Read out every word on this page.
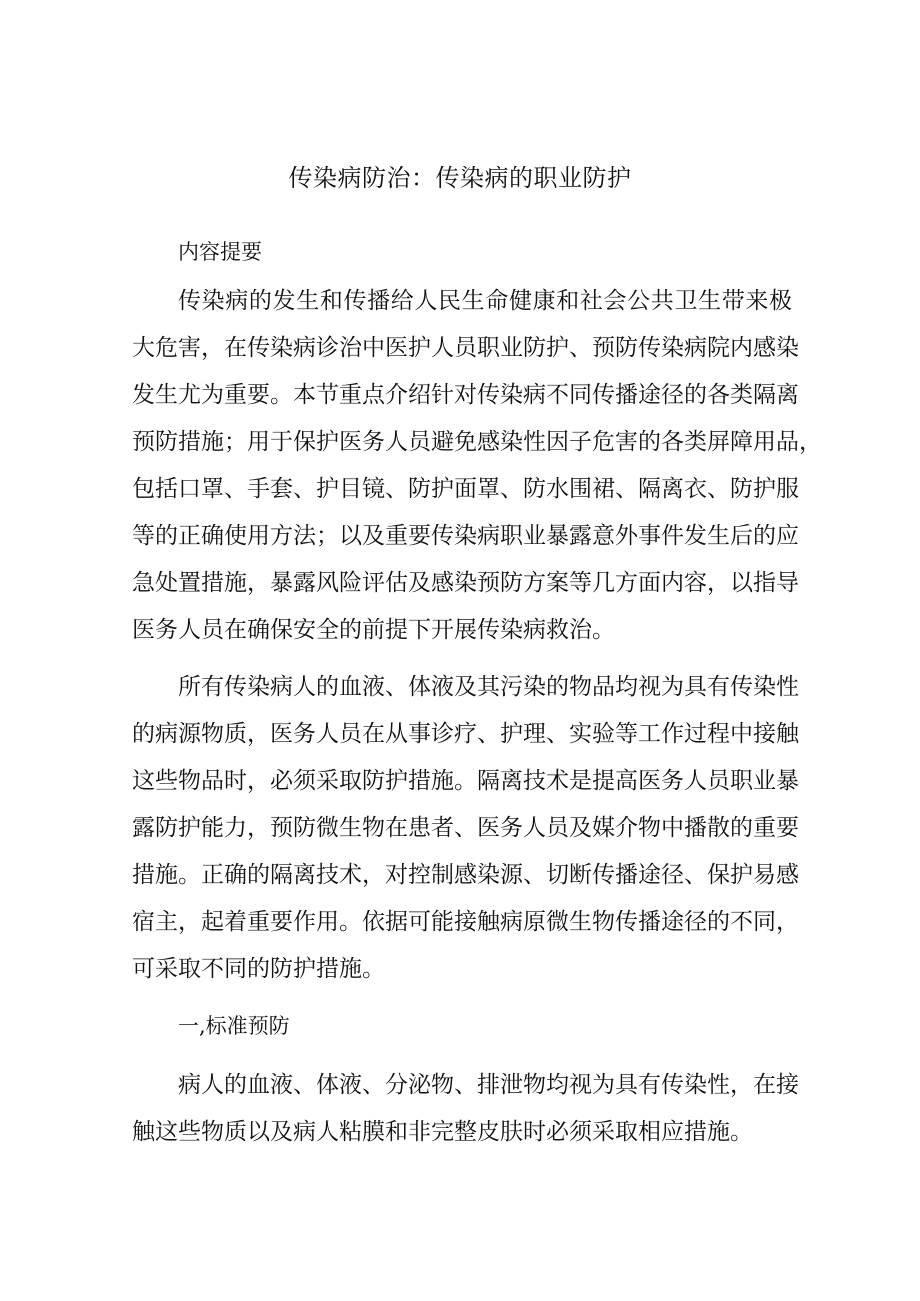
传染病防治：传染病的职业防护
内容提要
传染病的发生和传播给人民生命健康和社会公共卫生带来极
大危害，在传染病诊治中医护人员职业防护、预防传染病院内感染
发生尤为重要。本节重点介绍针对传染病不同传播途径的各类隔离
预防措施；用于保护医务人员避免感染性因子危害的各类屏障用品，
包括口罩、手套、护目镜、防护面罩、防水围裙、隔离衣、防护服
等的正确使用方法；以及重要传染病职业暴露意外事件发生后的应
急处置措施，暴露风险评估及感染预防方案等几方面内容，以指导
医务人员在确保安全的前提下开展传染病救治。
所有传染病人的血液、体液及其污染的物品均视为具有传染性
的病源物质，医务人员在从事诊疗、护理、实验等工作过程中接触
这些物品时，必须采取防护措施。隔离技术是提高医务人员职业暴
露防护能力，预防微生物在患者、医务人员及媒介物中播散的重要
措施。正确的隔离技术，对控制感染源、切断传播途径、保护易感
宿主，起着重要作用。依据可能接触病原微生物传播途径的不同，
可采取不同的防护措施。
一,标准预防
病人的血液、体液、分泌物、排泄物均视为具有传染性，在接
触这些物质以及病人粘膜和非完整皮肤时必须采取相应措施。
